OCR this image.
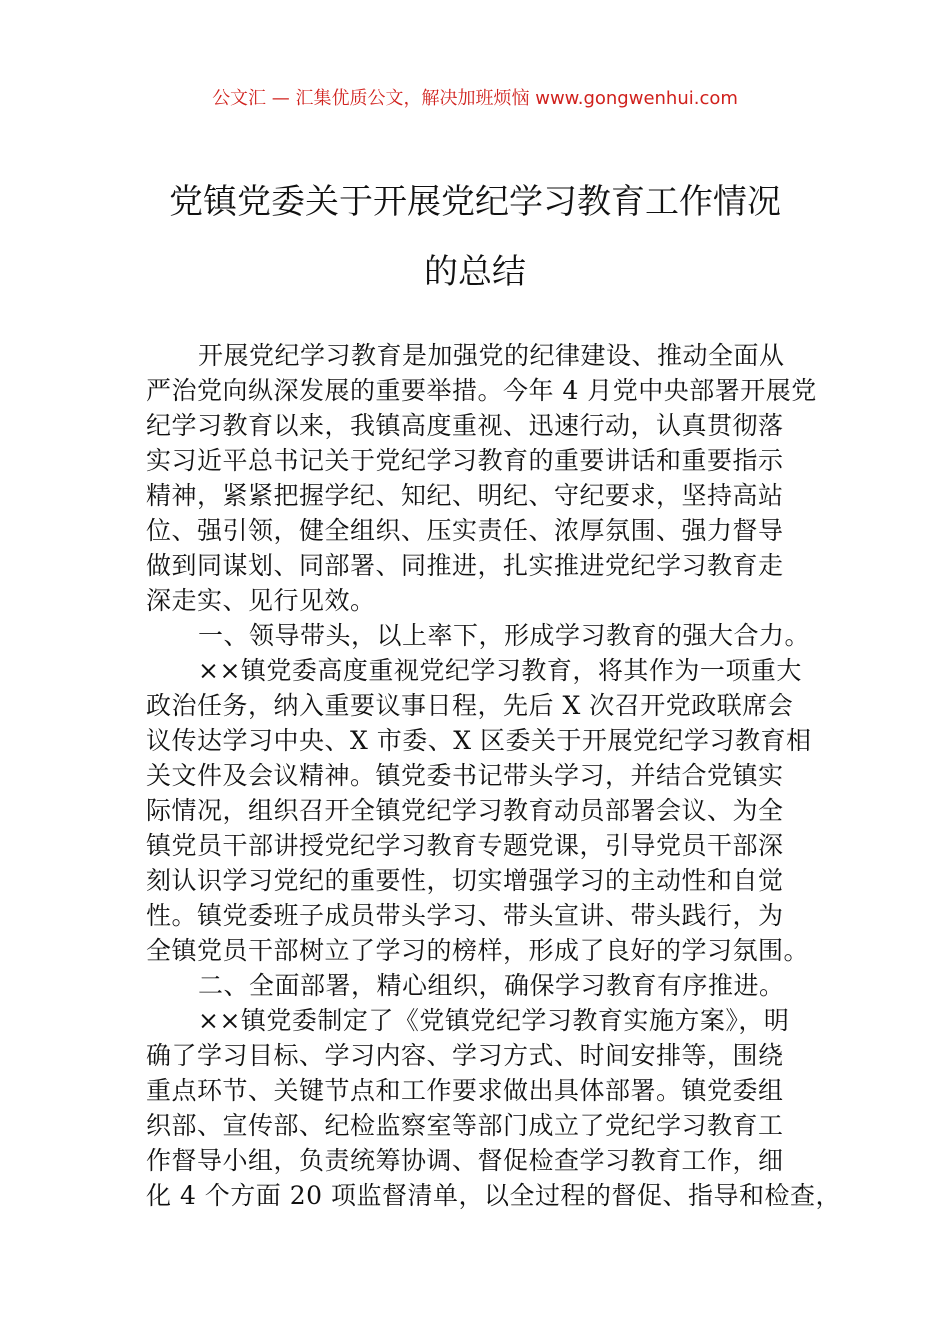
公文汇 — 汇集优质公文，解决加班烦恼 www.gongwenhui.com
党镇党委关于开展党纪学习教育工作情况
的总结
开展党纪学习教育是加强党的纪律建设、推动全面从
严治党向纵深发展的重要举措。今年 4 月党中央部署开展党
纪学习教育以来，我镇高度重视、迅速行动，认真贯彻落
实习近平总书记关于党纪学习教育的重要讲话和重要指示
精神，紧紧把握学纪、知纪、明纪、守纪要求，坚持高站
位、强引领，健全组织、压实责任、浓厚氛围、强力督导
做到同谋划、同部署、同推进，扎实推进党纪学习教育走
深走实、见行见效。
一、领导带头，以上率下，形成学习教育的强大合力。
××镇党委高度重视党纪学习教育，将其作为一项重大
政治任务，纳入重要议事日程，先后 X 次召开党政联席会
议传达学习中央、X 市委、X 区委关于开展党纪学习教育相
关文件及会议精神。镇党委书记带头学习，并结合党镇实
际情况，组织召开全镇党纪学习教育动员部署会议、为全
镇党员干部讲授党纪学习教育专题党课，引导党员干部深
刻认识学习党纪的重要性，切实增强学习的主动性和自觉
性。镇党委班子成员带头学习、带头宣讲、带头践行，为
全镇党员干部树立了学习的榜样，形成了良好的学习氛围。
二、全面部署，精心组织，确保学习教育有序推进。
××镇党委制定了《党镇党纪学习教育实施方案》，明
确了学习目标、学习内容、学习方式、时间安排等，围绕
重点环节、关键节点和工作要求做出具体部署。镇党委组
织部、宣传部、纪检监察室等部门成立了党纪学习教育工
作督导小组，负责统筹协调、督促检查学习教育工作，细
化 4 个方面 20 项监督清单，以全过程的督促、指导和检查，
